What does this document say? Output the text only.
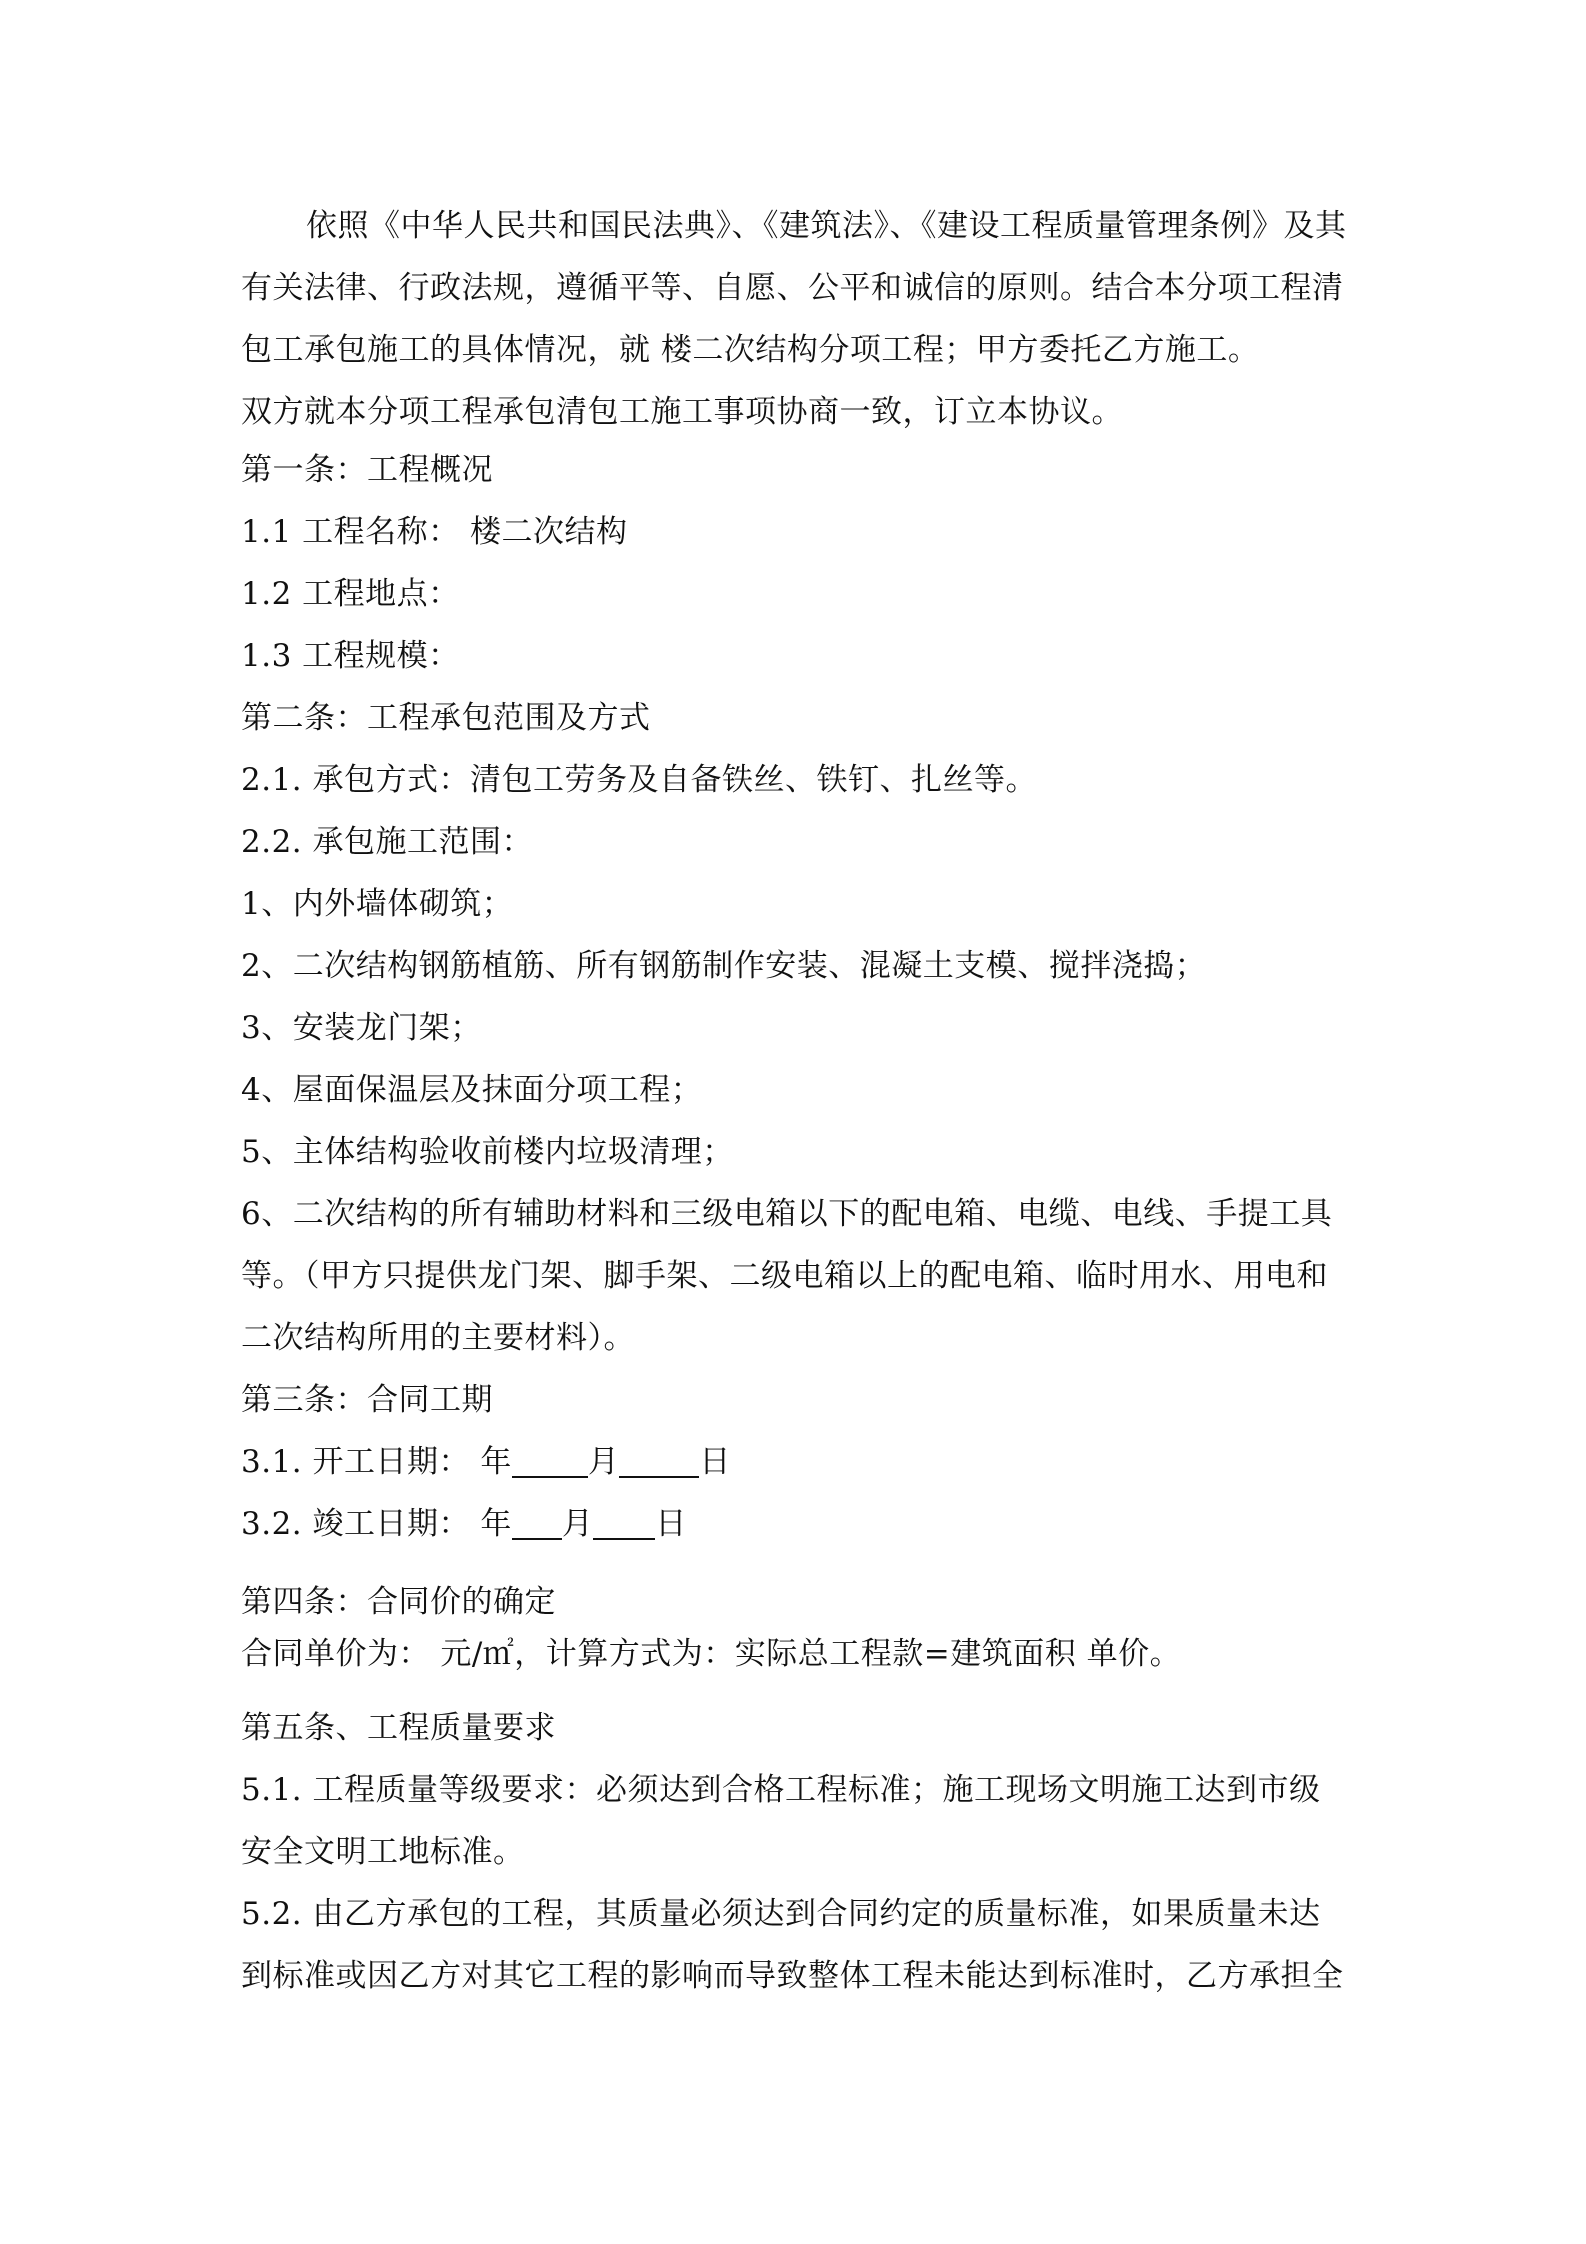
依照《中华人民共和国民法典》、《建筑法》、《建设工程质量管理条例》及其
有关法律、行政法规，遵循平等、自愿、公平和诚信的原则。结合本分项工程清
包工承包施工的具体情况，就 楼二次结构分项工程；甲方委托乙方施工。
双方就本分项工程承包清包工施工事项协商一致，订立本协议。
第一条：工程概况
1.1 工程名称： 楼二次结构
1.2 工程地点：
1.3 工程规模：
第二条：工程承包范围及方式
2.1. 承包方式：清包工劳务及自备铁丝、铁钉、扎丝等。
2.2. 承包施工范围：
1、内外墙体砌筑；
2、二次结构钢筋植筋、所有钢筋制作安装、混凝土支模、搅拌浇捣；
3、安装龙门架；
4、屋面保温层及抹面分项工程；
5、主体结构验收前楼内垃圾清理；
6、二次结构的所有辅助材料和三级电箱以下的配电箱、电缆、电线、手提工具
等。（甲方只提供龙门架、脚手架、二级电箱以上的配电箱、临时用水、用电和
二次结构所用的主要材料）。
第三条：合同工期
3.1. 开工日期： 年 月	日
3.2. 竣工日期： 年 月 日
第四条：合同价的确定
合同单价为： 元/㎡，计算方式为：实际总工程款=建筑面积 单价。
第五条、工程质量要求
5.1. 工程质量等级要求：必须达到合格工程标准；施工现场文明施工达到市级
安全文明工地标准。
5.2. 由乙方承包的工程，其质量必须达到合同约定的质量标准，如果质量未达
到标准或因乙方对其它工程的影响而导致整体工程未能达到标准时，乙方承担全
